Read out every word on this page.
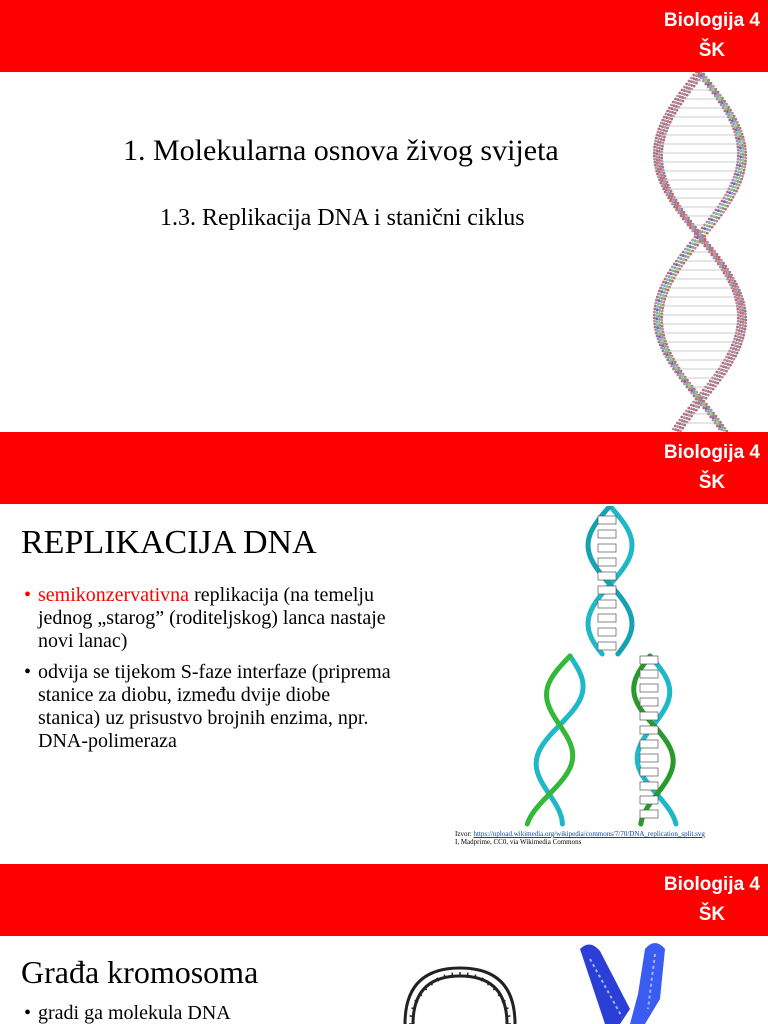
Biologija 4
ŠK
1. Molekularna osnova živog svijeta
1.3. Replikacija DNA i stanični ciklus
Biologija 4
ŠK
REPLIKACIJA DNA
• semikonzervativna replikacija (na temelju jednog „starog” (roditeljskog) lanca nastaje novi lanac)
• odvija se tijekom S-faze interfaze (priprema stanice za diobu, između dvije diobe stanica) uz prisustvo brojnih enzima, npr. DNA-polimeraza
Izvor: https://upload.wikimedia.org/wikipedia/commons/7/70/DNA_replication_split.svg
I, Madprime, CC0, via Wikimedia Commons
Biologija 4
ŠK
Građa kromosoma
• gradi ga molekula DNA
